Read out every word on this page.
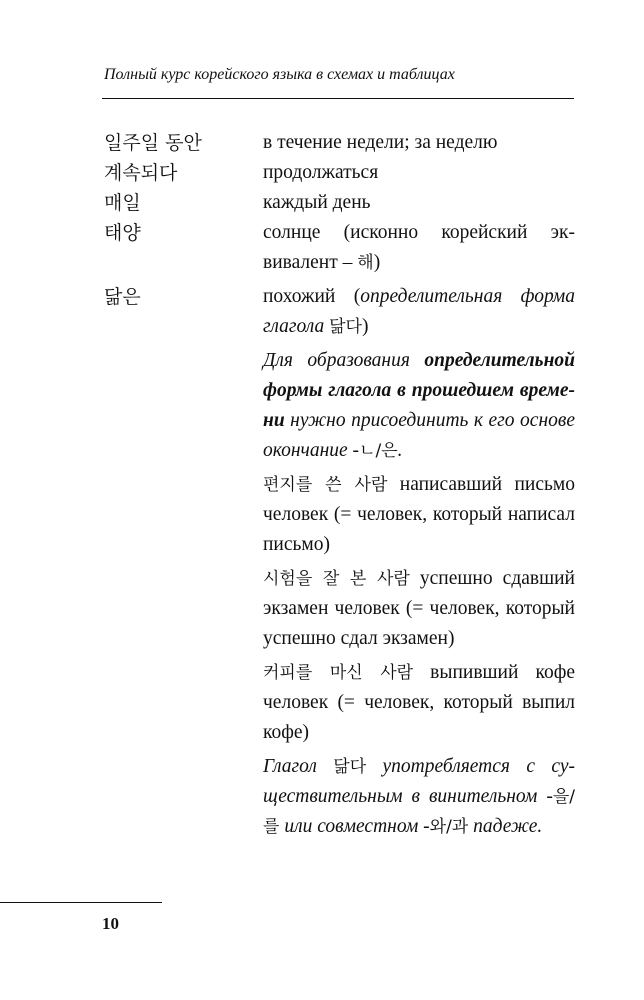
Полный курс корейского языка в схемах и таблицах
일주일 동안	в течение недели; за неделю
계속되다	продолжаться
매일	каждый день
태양	солнце (исконно корейский эквивалент – 해)
닮은	похожий (определительная форма глагола 닮다)

Для образования определительной формы глагола в прошедшем времени нужно присоединить к его основе окончание -ㄴ/은.

편지를 쓴 사람 написавший письмо человек (= человек, который написал письмо)

시험을 잘 본 사람 успешно сдавший экзамен человек (= человек, который успешно сдал экзамен)

커피를 마신 사람 выпивший кофе человек (= человек, который выпил кофе)

Глагол 닮다 употребляется с существительным в винительном -을/를 или совместном -와/과 падеже.

10
